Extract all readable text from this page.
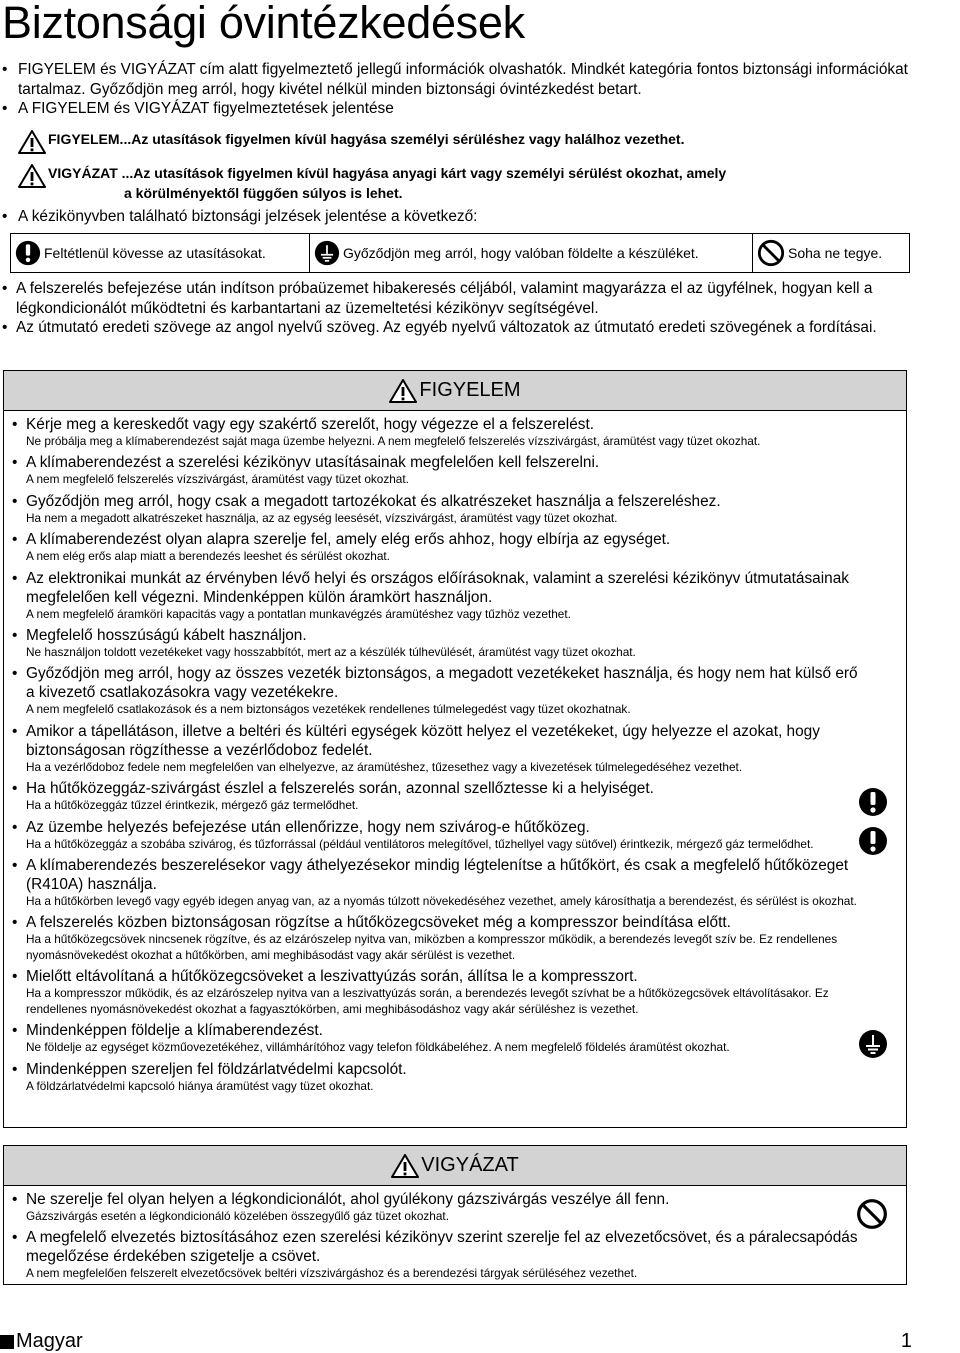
Biztonsági óvintézkedések
• FIGYELEM és VIGYÁZAT cím alatt figyelmeztető jellegű információk olvashatók. Mindkét kategória fontos biztonsági információkat tartalmaz. Győződjön meg arról, hogy kivétel nélkül minden biztonsági óvintézkedést betart.
• A FIGYELEM és VIGYÁZAT figyelmeztetések jelentése
FIGYELEM...Az utasítások figyelmen kívül hagyása személyi sérüléshez vagy halálhoz vezethet.
VIGYÁZAT ...Az utasítások figyelmen kívül hagyása anyagi kárt vagy személyi sérülést okozhat, amely
a körülményektől függően súlyos is lehet.
• A kézikönyvben található biztonsági jelzések jelentése a következő:
Feltétlenül kövesse az utasításokat.	Győződjön meg arról, hogy valóban földelte a készüléket.	Soha ne tegye.
• A felszerelés befejezése után indítson próbaüzemet hibakeresés céljából, valamint magyarázza el az ügyfélnek, hogyan kell a légkondicionálót működtetni és karbantartani az üzemeltetési kézikönyv segítségével.
• Az útmutató eredeti szövege az angol nyelvű szöveg. Az egyéb nyelvű változatok az útmutató eredeti szövegének a fordításai.
FIGYELEM
• Kérje meg a kereskedőt vagy egy szakértő szerelőt, hogy végezze el a felszerelést.
Ne próbálja meg a klímaberendezést saját maga üzembe helyezni. A nem megfelelő felszerelés vízszivárgást, áramütést vagy tüzet okozhat.
• A klímaberendezést a szerelési kézikönyv utasításainak megfelelően kell felszerelni.
A nem megfelelő felszerelés vízszivárgást, áramütést vagy tüzet okozhat.
• Győződjön meg arról, hogy csak a megadott tartozékokat és alkatrészeket használja a felszereléshez.
Ha nem a megadott alkatrészeket használja, az az egység leesését, vízszivárgást, áramütést vagy tüzet okozhat.
• A klímaberendezést olyan alapra szerelje fel, amely elég erős ahhoz, hogy elbírja az egységet.
A nem elég erős alap miatt a berendezés leeshet és sérülést okozhat.
• Az elektronikai munkát az érvényben lévő helyi és országos előírásoknak, valamint a szerelési kézikönyv útmutatásainak megfelelően kell végezni. Mindenképpen külön áramkört használjon.
A nem megfelelő áramköri kapacitás vagy a pontatlan munkavégzés áramütéshez vagy tűzhöz vezethet.
• Megfelelő hosszúságú kábelt használjon.
Ne használjon toldott vezetékeket vagy hosszabbítót, mert az a készülék túlhevülését, áramütést vagy tüzet okozhat.
• Győződjön meg arról, hogy az összes vezeték biztonságos, a megadott vezetékeket használja, és hogy nem hat külső erő a kivezető csatlakozásokra vagy vezetékekre.
A nem megfelelő csatlakozások és a nem biztonságos vezetékek rendellenes túlmelegedést vagy tüzet okozhatnak.
• Amikor a tápellátáson, illetve a beltéri és kültéri egységek között helyez el vezetékeket, úgy helyezze el azokat, hogy biztonságosan rögzíthesse a vezérlődoboz fedelét.
Ha a vezérlődoboz fedele nem megfelelően van elhelyezve, az áramütéshez, tűzesethez vagy a kivezetések túlmelegedéséhez vezethet.
• Ha hűtőközeggáz-szivárgást észlel a felszerelés során, azonnal szellőztesse ki a helyiséget.
Ha a hűtőközeggáz tűzzel érintkezik, mérgező gáz termelődhet.
• Az üzembe helyezés befejezése után ellenőrizze, hogy nem szivárog-e hűtőközeg.
Ha a hűtőközeggáz a szobába szivárog, és tűzforrással (például ventilátoros melegítővel, tűzhellyel vagy sütővel) érintkezik, mérgező gáz termelődhet.
• A klímaberendezés beszerelésekor vagy áthelyezésekor mindig légtelenítse a hűtőkört, és csak a megfelelő hűtőközeget (R410A) használja.
Ha a hűtőkörben levegő vagy egyéb idegen anyag van, az a nyomás túlzott növekedéséhez vezethet, amely károsíthatja a berendezést, és sérülést is okozhat.
• A felszerelés közben biztonságosan rögzítse a hűtőközegcsöveket még a kompresszor beindítása előtt.
Ha a hűtőközegcsövek nincsenek rögzítve, és az elzárószelep nyitva van, miközben a kompresszor működik, a berendezés levegőt szív be. Ez rendellenes nyomásnövekedést okozhat a hűtőkörben, ami meghibásodást vagy akár sérülést is vezethet.
• Mielőtt eltávolítaná a hűtőközegcsöveket a leszivattyúzás során, állítsa le a kompresszort.
Ha a kompresszor működik, és az elzárószelep nyitva van a leszivattyúzás során, a berendezés levegőt szívhat be a hűtőközegcsövek eltávolításakor. Ez rendellenes nyomásnövekedést okozhat a fagyasztókörben, ami meghibásodáshoz vagy akár sérüléshez is vezethet.
• Mindenképpen földelje a klímaberendezést.
Ne földelje az egységet közműovezetékéhez, villámhárítóhoz vagy telefon földkábeléhez. A nem megfelelő földelés áramütést okozhat.
• Mindenképpen szereljen fel földzárlatvédelmi kapcsolót.
A földzárlatvédelmi kapcsoló hiánya áramütést vagy tüzet okozhat.
VIGYÁZAT
• Ne szerelje fel olyan helyen a légkondicionálót, ahol gyúlékony gázszivárgás veszélye áll fenn.
Gázszivárgás esetén a légkondicionáló közelében összegyűlő gáz tüzet okozhat.
• A megfelelő elvezetés biztosításához ezen szerelési kézikönyv szerint szerelje fel az elvezetőcsövet, és a páralecsapódás megelőzése érdekében szigetelje a csövet.
A nem megfelelően felszerelt elvezetőcsövek beltéri vízszivárgáshoz és a berendezési tárgyak sérüléséhez vezethet.
Magyar	1
